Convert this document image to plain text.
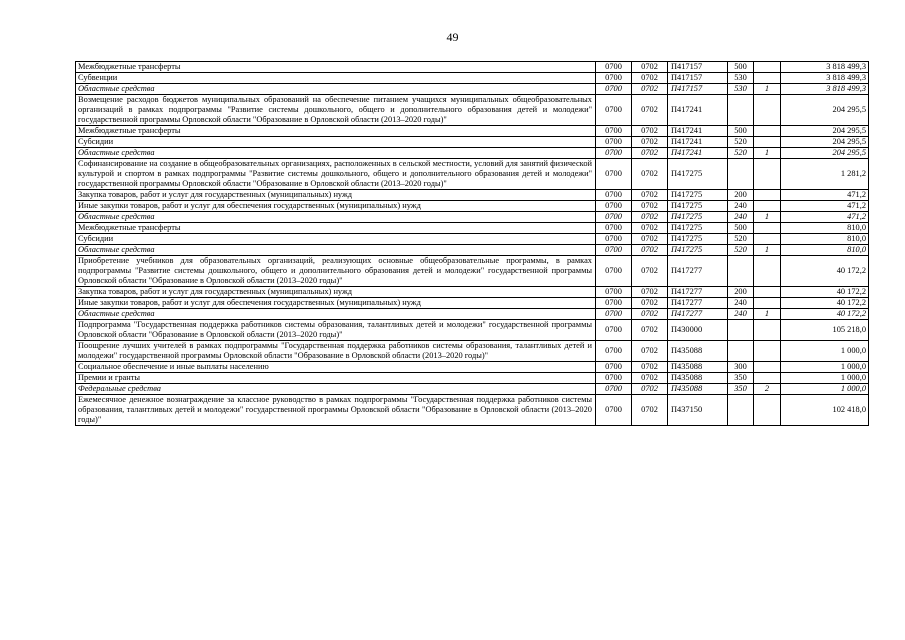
49
Межбюджетные трансферты	0700	0702	П417157	500		3 818 499,3
Субвенции	0700	0702	П417157	530		3 818 499,3
Областные средства	0700	0702	П417157	530	1	3 818 499,3
Возмещение расходов бюджетов муниципальных образований на обеспечение питанием учащихся муниципальных общеобразовательных организаций в рамках подпрограммы "Развитие системы дошкольного, общего и дополнительного образования детей и молодежи" государственной программы Орловской области "Образование в Орловской области (2013–2020 годы)"	0700	0702	П417241			204 295,5
Межбюджетные трансферты	0700	0702	П417241	500		204 295,5
Субсидии	0700	0702	П417241	520		204 295,5
Областные средства	0700	0702	П417241	520	1	204 295,5
Софинансирование на создание в общеобразовательных организациях, расположенных в сельской местности, условий для занятий физической культурой и спортом в рамках подпрограммы "Развитие системы дошкольного, общего и дополнительного образования детей и молодежи" государственной программы Орловской области "Образование в Орловской области (2013–2020 годы)"	0700	0702	П417275			1 281,2
Закупка товаров, работ и услуг для государственных (муниципальных) нужд	0700	0702	П417275	200		471,2
Иные закупки товаров, работ и услуг для обеспечения государственных (муниципальных) нужд	0700	0702	П417275	240		471,2
Областные средства	0700	0702	П417275	240	1	471,2
Межбюджетные трансферты	0700	0702	П417275	500		810,0
Субсидии	0700	0702	П417275	520		810,0
Областные средства	0700	0702	П417275	520	1	810,0
Приобретение учебников для образовательных организаций, реализующих основные общеобразовательные программы, в рамках подпрограммы "Развитие системы дошкольного, общего и дополнительного образования детей и молодежи" государственной программы Орловской области "Образование в Орловской области (2013–2020 годы)"	0700	0702	П417277			40 172,2
Закупка товаров, работ и услуг для государственных (муниципальных) нужд	0700	0702	П417277	200		40 172,2
Иные закупки товаров, работ и услуг для обеспечения государственных (муниципальных) нужд	0700	0702	П417277	240		40 172,2
Областные средства	0700	0702	П417277	240	1	40 172,2
Подпрограмма "Государственная поддержка работников системы образования, талантливых детей и молодежи" государственной программы Орловской области "Образование в Орловской области (2013–2020 годы)"	0700	0702	П430000			105 218,0
Поощрение лучших учителей в рамках подпрограммы "Государственная поддержка работников системы образования, талантливых детей и молодежи" государственной программы Орловской области "Образование в Орловской области (2013–2020 годы)"	0700	0702	П435088			1 000,0
Социальное обеспечение и иные выплаты населению	0700	0702	П435088	300		1 000,0
Премии и гранты	0700	0702	П435088	350		1 000,0
Федеральные средства	0700	0702	П435088	350	2	1 000,0
Ежемесячное денежное вознаграждение за классное руководство в рамках подпрограммы "Государственная поддержка работников системы образования, талантливых детей и молодежи" государственной программы Орловской области "Образование в Орловской области (2013–2020 годы)"	0700	0702	П437150			102 418,0
